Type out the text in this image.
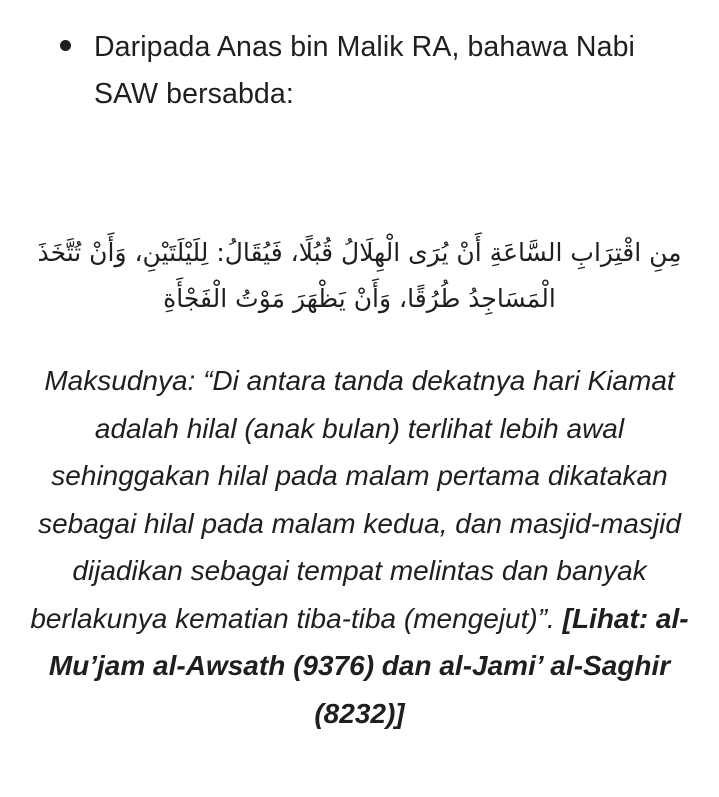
Daripada Anas bin Malik RA, bahawa Nabi SAW bersabda:
مِنِ اقْتِرَابِ السَّاعَةِ أَنْ يُرَى الْهِلَالُ قُبُلًا، فَيُقَالُ: لِلَيْلَتَيْنِ، وَأَنْ تُتَّخَذَ الْمَسَاجِدُ طُرُقًا، وَأَنْ يَظْهَرَ مَوْتُ الْفَجْأَةِ
Maksudnya: “Di antara tanda dekatnya hari Kiamat adalah hilal (anak bulan) terlihat lebih awal sehinggakan hilal pada malam pertama dikatakan sebagai hilal pada malam kedua, dan masjid-masjid dijadikan sebagai tempat melintas dan banyak berlakunya kematian tiba-tiba (mengejut)”. [Lihat: al-Mu’jam al-Awsath (9376) dan al-Jami’ al-Saghir (8232)]
